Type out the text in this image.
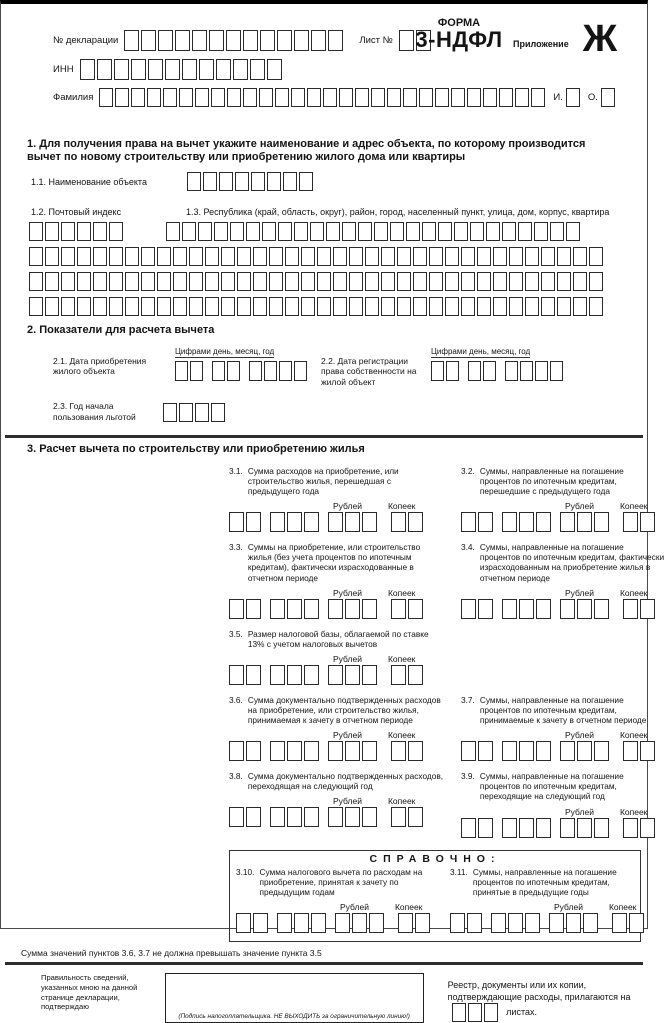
№ декларации	Лист №
ИНН
Фамилия	И.	О.
ФОРМА
3-НДФЛ	Приложение Ж
1. Для получения права на вычет укажите наименование и адрес объекта, по которому производится вычет по новому строительству или приобретению жилого дома или квартиры
1.1. Наименование объекта
1.2. Почтовый индекс	1.3. Республика (край, область, округ), район, город, населенный пункт, улица, дом, корпус, квартира
2. Показатели для расчета вычета
2.1. Дата приобретения жилого объекта
Цифрами день, месяц, год

2.2. Дата регистрации права собственности на жилой объект
Цифрами день, месяц, год

2.3. Год начала пользования льготой
3. Расчет вычета по строительству или приобретению жилья
3.1. Сумма расходов на приобретение, или строительство жилья, перешедшая с предыдущего года
Рублей	Копеек
3.2. Суммы, направленные на погашение процентов по ипотечным кредитам, перешедшие с предыдущего года
Рублей	Копеек
3.3. Суммы на приобретение, или строительство жилья (без учета процентов по ипотечным кредитам), фактически израсходованные в отчетном периоде
Рублей	Копеек
3.4. Суммы, направленные на погашение процентов по ипотечным кредитам, фактически израсходованным на приобретение жилья в отчетном периоде
Рублей	Копеек
3.5. Размер налоговой базы, облагаемой по ставке 13% с учетом налоговых вычетов
Рублей	Копеек
3.6. Сумма документально подтвержденных расходов на приобретение, или строительство жилья, принимаемая к зачету в отчетном периоде
Рублей	Копеек
3.7. Суммы, направленные на погашение процентов по ипотечным кредитам, принимаемые к зачету в отчетном периоде
Рублей	Копеек
3.8. Сумма документально подтвержденных расходов, переходящая на следующий год
Рублей	Копеек
3.9. Суммы, направленные на погашение процентов по ипотечным кредитам, переходящие на следующий год
Рублей	Копеек
СПРАВОЧНО:
3.10. Сумма налогового вычета по расходам на приобретение, принятая к зачету по предыдущим годам
Рублей	Копеек
3.11. Суммы, направленные на погашение процентов по ипотечным кредитам, принятые в предыдущие годы
Рублей	Копеек
Сумма значений пунктов 3.6, 3.7 не должна превышать значение пункта 3.5
Правильность сведений, указанных мною на данной странице декларации, подтверждаю
(Подпись налогоплательщика. НЕ ВЫХОДИТЬ за ограничительную линию!)
Реестр, документы или их копии, подтверждающие расходы, прилагаются на
листах.
